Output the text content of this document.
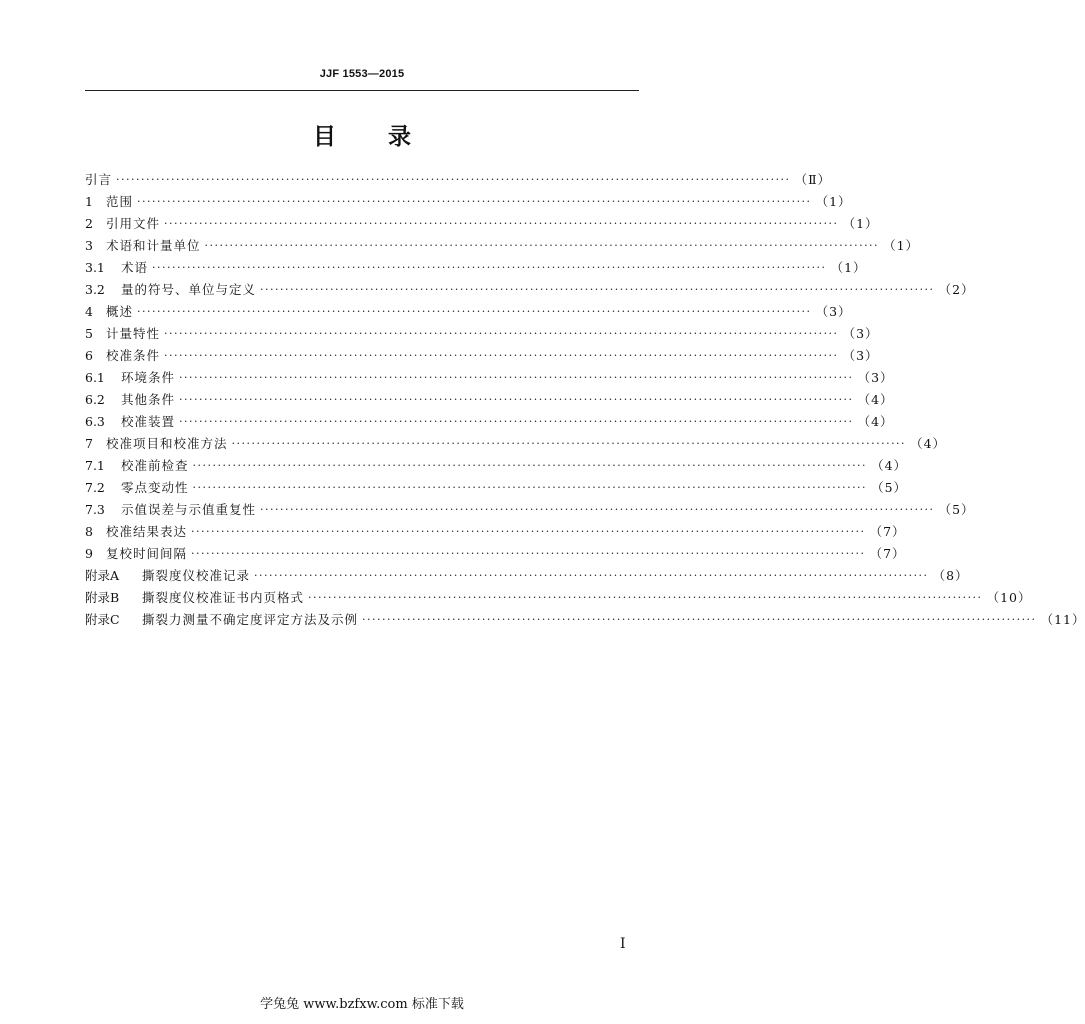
JJF 1553—2015
目 录
引言 ······································································································································· （Ⅱ）
1	范围 ······································································································································· （1）
2	引用文件 ······································································································································· （1）
3	术语和计量单位 ······································································································································· （1）
3.1	术语 ······································································································································· （1）
3.2	量的符号、单位与定义 ······································································································································· （2）
4	概述 ······································································································································· （3）
5	计量特性 ······································································································································· （3）
6	校准条件 ······································································································································· （3）
6.1	环境条件 ······································································································································· （3）
6.2	其他条件 ······································································································································· （4）
6.3	校准装置 ······································································································································· （4）
7	校准项目和校准方法 ······································································································································· （4）
7.1	校准前检查 ······································································································································· （4）
7.2	零点变动性 ······································································································································· （5）
7.3	示值误差与示值重复性 ······································································································································· （5）
8	校准结果表达 ······································································································································· （7）
9	复校时间间隔 ······································································································································· （7）
附录A	撕裂度仪校准记录 ······································································································································· （8）
附录B	撕裂度仪校准证书内页格式 ······································································································································· （10）
附录C	撕裂力测量不确定度评定方法及示例 ······································································································································· （11）
I
学兔兔 www.bzfxw.com 标准下载
